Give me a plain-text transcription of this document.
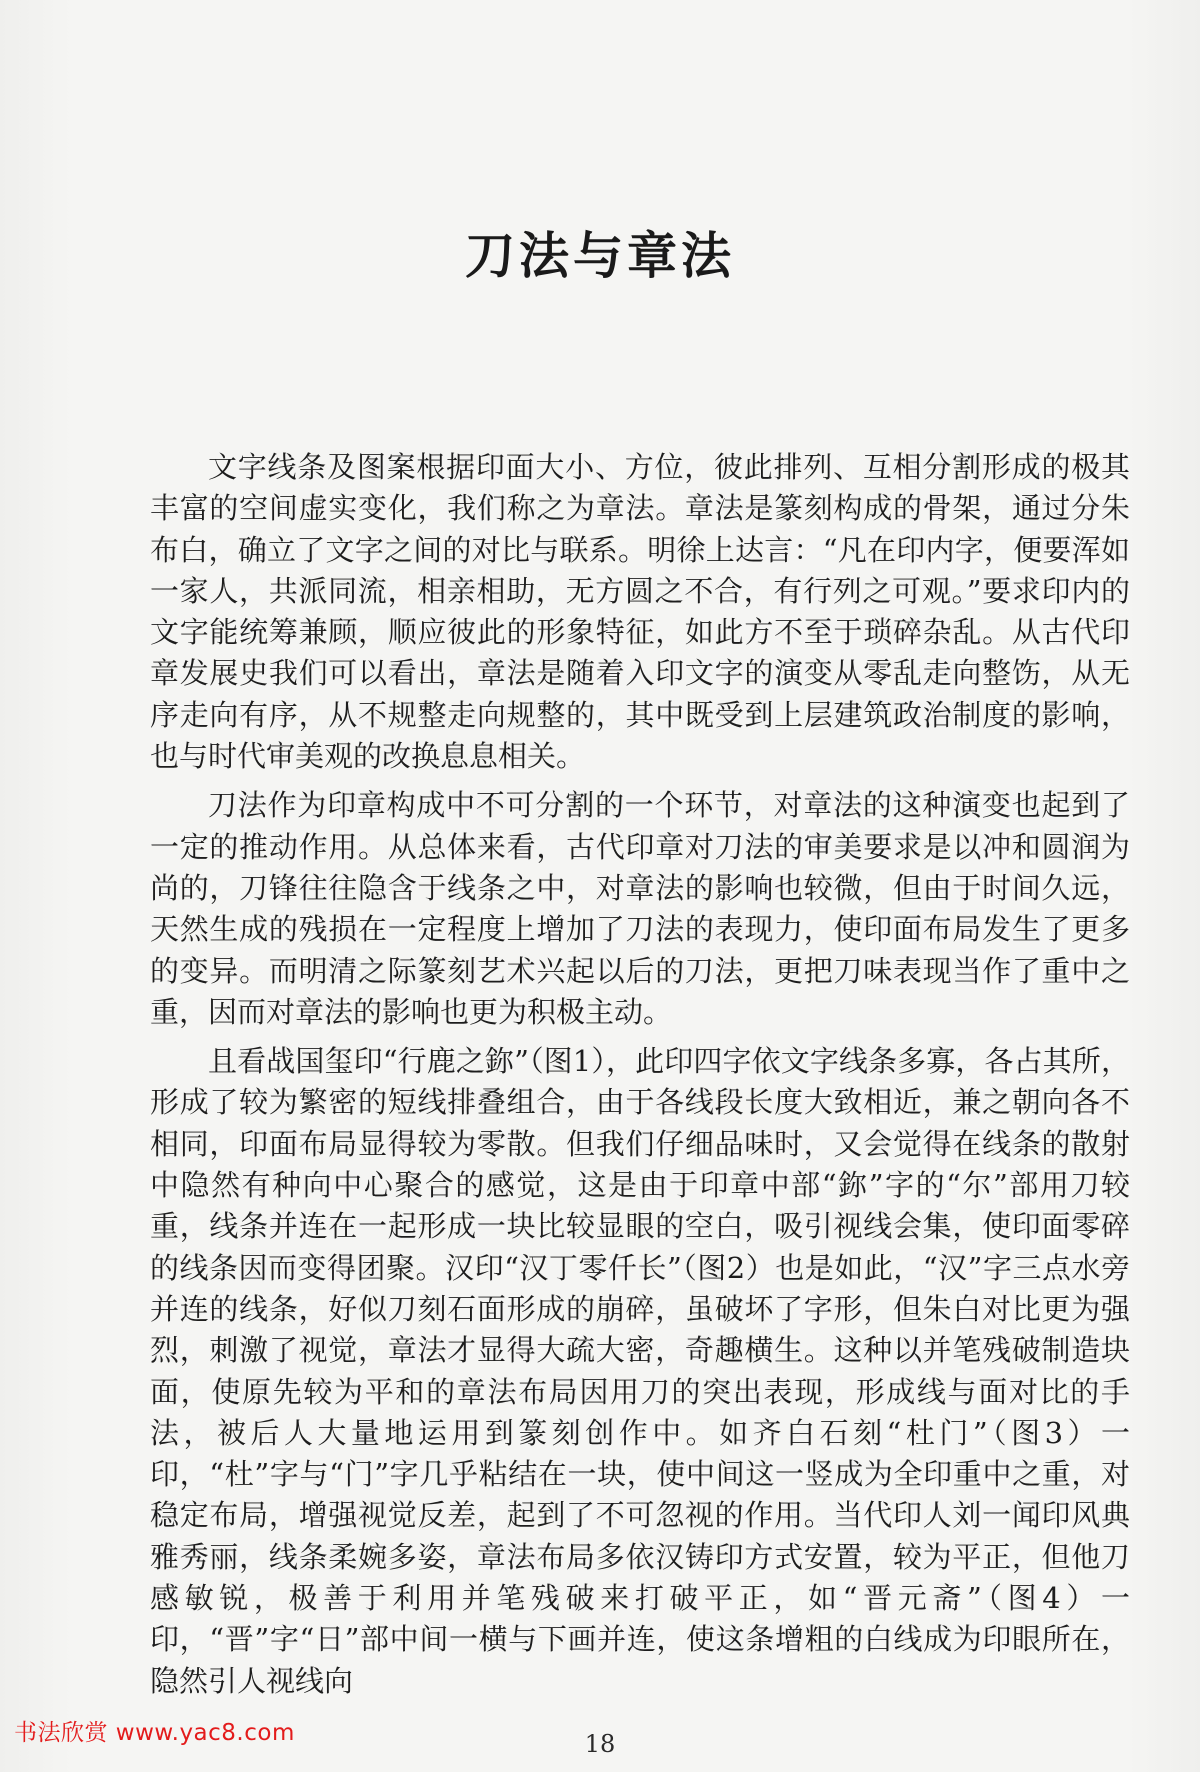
刀法与章法

文字线条及图案根据印面大小、方位，彼此排列、互相分割形成的极其丰富的空间虚实变化，我们称之为章法。章法是篆刻构成的骨架，通过分朱布白，确立了文字之间的对比与联系。明徐上达言：“凡在印内字，便要浑如一家人，共派同流，相亲相助，无方圆之不合，有行列之可观。”要求印内的文字能统筹兼顾，顺应彼此的形象特征，如此方不至于琐碎杂乱。从古代印章发展史我们可以看出，章法是随着入印文字的演变从零乱走向整饬，从无序走向有序，从不规整走向规整的，其中既受到上层建筑政治制度的影响，也与时代审美观的改换息息相关。

刀法作为印章构成中不可分割的一个环节，对章法的这种演变也起到了一定的推动作用。从总体来看，古代印章对刀法的审美要求是以冲和圆润为尚的，刀锋往往隐含于线条之中，对章法的影响也较微，但由于时间久远，天然生成的残损在一定程度上增加了刀法的表现力，使印面布局发生了更多的变异。而明清之际篆刻艺术兴起以后的刀法，更把刀味表现当作了重中之重，因而对章法的影响也更为积极主动。

且看战国玺印“行鹿之鉨”（图1），此印四字依文字线条多寡，各占其所，形成了较为繁密的短线排叠组合，由于各线段长度大致相近，兼之朝向各不相同，印面布局显得较为零散。但我们仔细品味时，又会觉得在线条的散射中隐然有种向中心聚合的感觉，这是由于印章中部“鉨”字的“尔”部用刀较重，线条并连在一起形成一块比较显眼的空白，吸引视线会集，使印面零碎的线条因而变得团聚。汉印“汉丁零仟长”（图2）也是如此，“汉”字三点水旁并连的线条，好似刀刻石面形成的崩碎，虽破坏了字形，但朱白对比更为强烈，刺激了视觉，章法才显得大疏大密，奇趣横生。这种以并笔残破制造块面，使原先较为平和的章法布局因用刀的突出表现，形成线与面对比的手法，被后人大量地运用到篆刻创作中。如齐白石刻“杜门”（图3）一印，“杜”字与“门”字几乎粘结在一块，使中间这一竖成为全印重中之重，对稳定布局，增强视觉反差，起到了不可忽视的作用。当代印人刘一闻印风典雅秀丽，线条柔婉多姿，章法布局多依汉铸印方式安置，较为平正，但他刀感敏锐，极善于利用并笔残破来打破平正，如“晋元斋”（图4）一印，“晋”字“日”部中间一横与下画并连，使这条增粗的白线成为印眼所在，隐然引人视线向

书法欣赏 www.yac8.com	18
